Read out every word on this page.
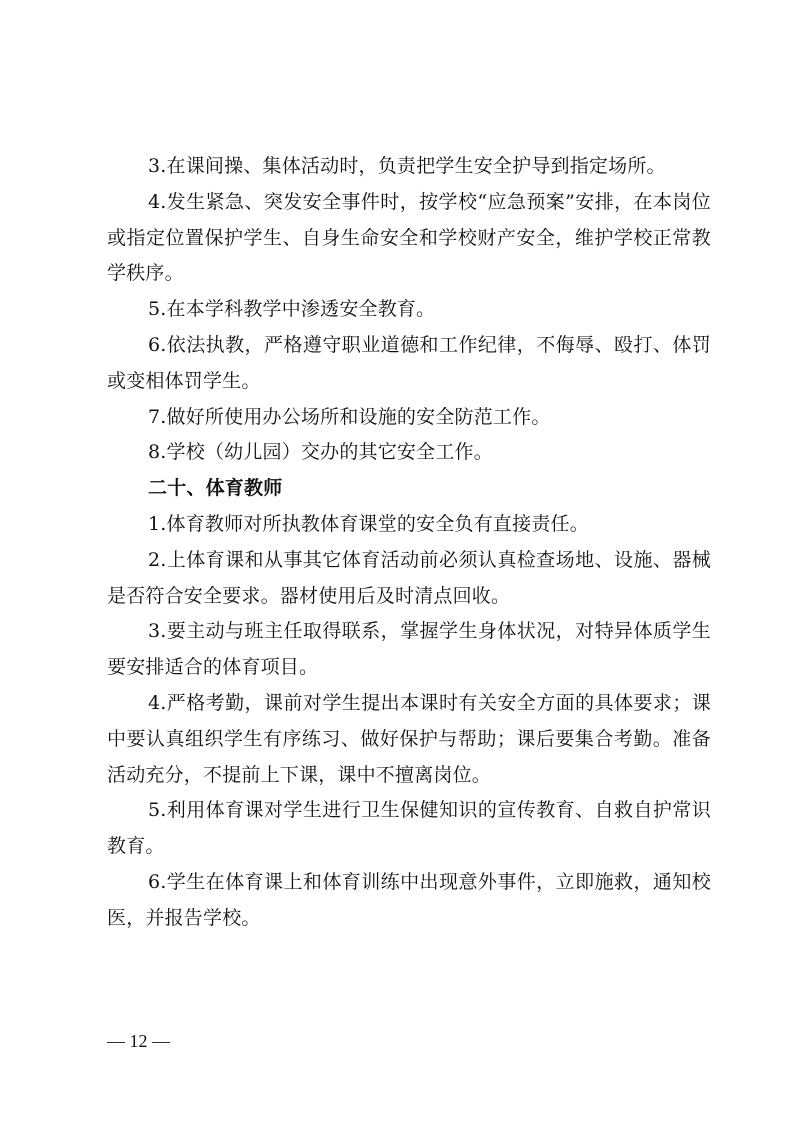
3.在课间操、集体活动时，负责把学生安全护导到指定场所。

4.发生紧急、突发安全事件时，按学校“应急预案”安排，在本岗位或指定位置保护学生、自身生命安全和学校财产安全，维护学校正常教学秩序。

5.在本学科教学中渗透安全教育。

6.依法执教，严格遵守职业道德和工作纪律，不侮辱、殴打、体罚或变相体罚学生。

7.做好所使用办公场所和设施的安全防范工作。

8.学校（幼儿园）交办的其它安全工作。

二十、体育教师

1.体育教师对所执教体育课堂的安全负有直接责任。

2.上体育课和从事其它体育活动前必须认真检查场地、设施、器械是否符合安全要求。器材使用后及时清点回收。

3.要主动与班主任取得联系，掌握学生身体状况，对特异体质学生要安排适合的体育项目。

4.严格考勤，课前对学生提出本课时有关安全方面的具体要求；课中要认真组织学生有序练习、做好保护与帮助；课后要集合考勤。准备活动充分，不提前上下课，课中不擅离岗位。

5.利用体育课对学生进行卫生保健知识的宣传教育、自救自护常识教育。

6.学生在体育课上和体育训练中出现意外事件，立即施救，通知校医，并报告学校。

— 12 —
